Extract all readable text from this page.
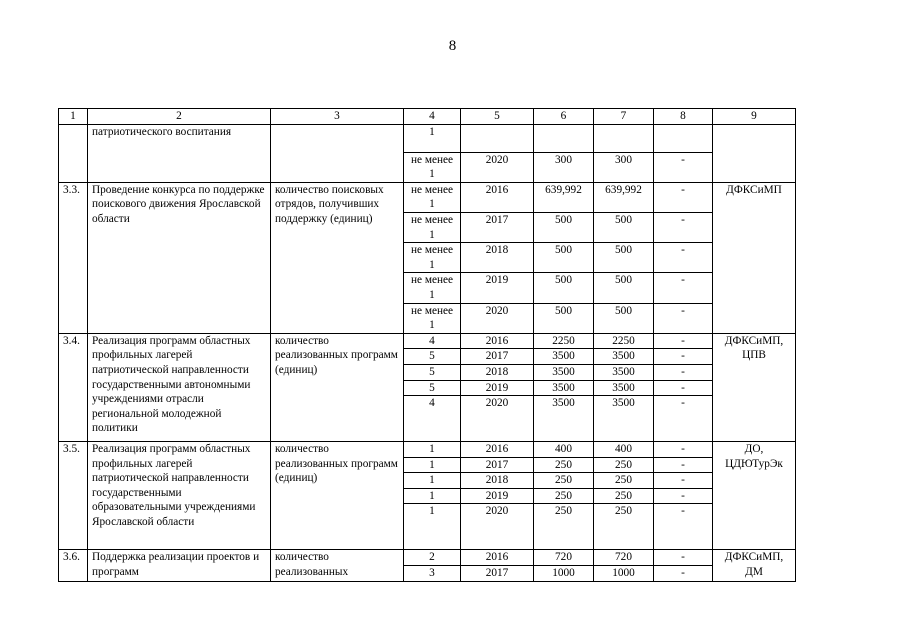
8
1	2	3	4	5	6	7	8	9
	патриотического воспитания		1					
			не менее 1	2020	300	300	-	
3.3.	Проведение конкурса по поддержке поискового движения Ярославской области	количество поисковых отрядов, получивших поддержку (единиц)	не менее 1	2016	639,992	639,992	-	ДФКСиМП
			не менее 1	2017	500	500	-	
			не менее 1	2018	500	500	-	
			не менее 1	2019	500	500	-	
			не менее 1	2020	500	500	-	
3.4.	Реализация программ областных профильных лагерей патриотической направленности государственными автономными учреждениями отрасли региональной молодежной политики	количество реализованных программ (единиц)	4	2016	2250	2250	-	ДФКСиМП, ЦПВ
			5	2017	3500	3500	-	
			5	2018	3500	3500	-	
			5	2019	3500	3500	-	
			4	2020	3500	3500	-	
3.5.	Реализация программ областных профильных лагерей патриотической направленности государственными образовательными учреждениями Ярославской области	количество реализованных программ (единиц)	1	2016	400	400	-	ДО, ЦДЮТурЭк
			1	2017	250	250	-	
			1	2018	250	250	-	
			1	2019	250	250	-	
			1	2020	250	250	-	
3.6.	Поддержка реализации проектов и программ	количество реализованных	2	2016	720	720	-	ДФКСиМП, ДМ
			3	2017	1000	1000	-	
